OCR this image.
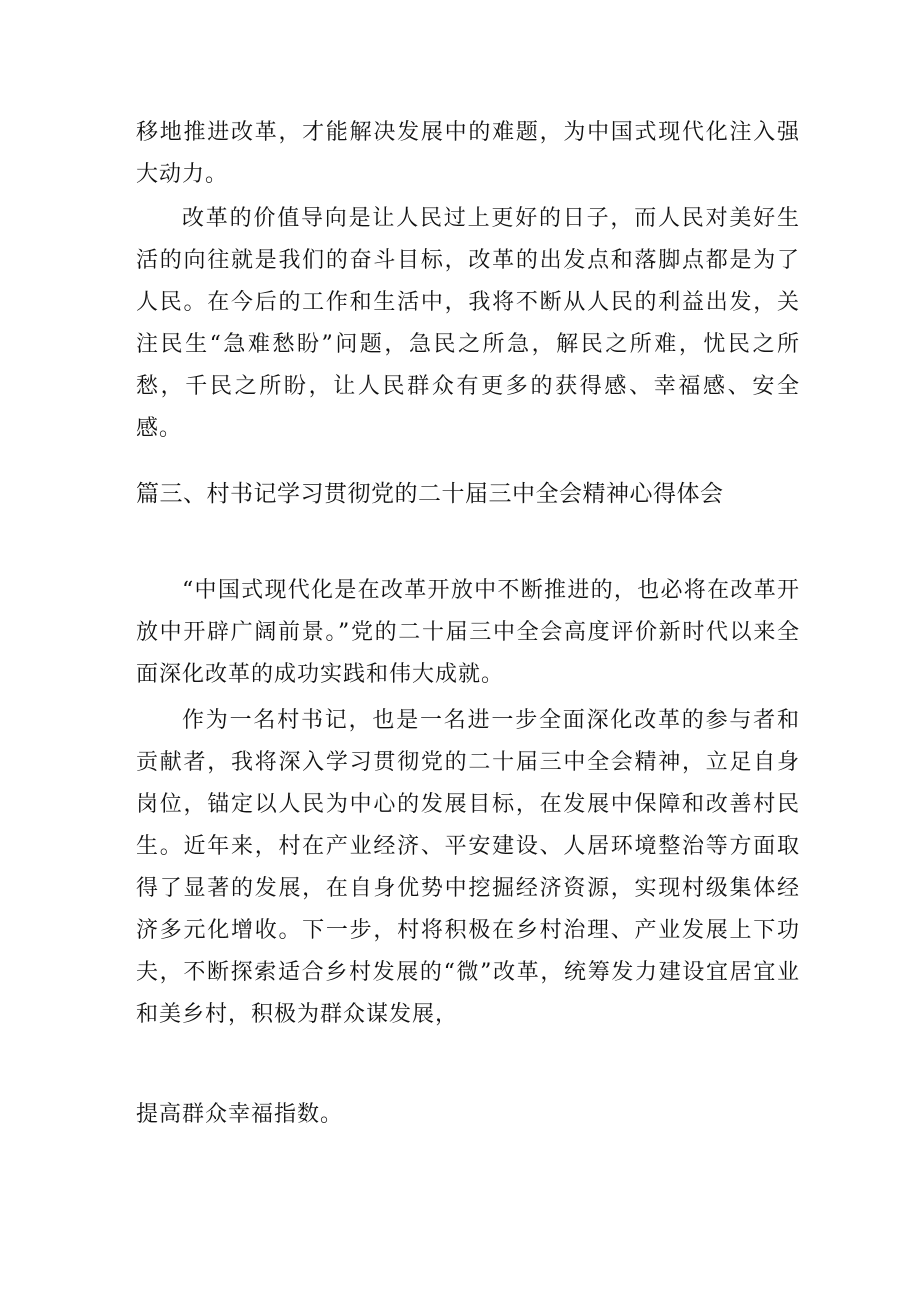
移地推进改革，才能解决发展中的难题，为中国式现代化注入强大动力。

改革的价值导向是让人民过上更好的日子，而人民对美好生活的向往就是我们的奋斗目标，改革的出发点和落脚点都是为了人民。在今后的工作和生活中，我将不断从人民的利益出发，关注民生“急难愁盼”问题，急民之所急，解民之所难，忧民之所愁，千民之所盼，让人民群众有更多的获得感、幸福感、安全感。

篇三、村书记学习贯彻党的二十届三中全会精神心得体会

“中国式现代化是在改革开放中不断推进的，也必将在改革开放中开辟广阔前景。”党的二十届三中全会高度评价新时代以来全面深化改革的成功实践和伟大成就。

作为一名村书记，也是一名进一步全面深化改革的参与者和贡献者，我将深入学习贯彻党的二十届三中全会精神，立足自身岗位，锚定以人民为中心的发展目标，在发展中保障和改善村民生。近年来，村在产业经济、平安建设、人居环境整治等方面取得了显著的发展，在自身优势中挖掘经济资源，实现村级集体经济多元化增收。下一步，村将积极在乡村治理、产业发展上下功夫，不断探索适合乡村发展的“微”改革，统筹发力建设宜居宜业和美乡村，积极为群众谋发展，

提高群众幸福指数。
